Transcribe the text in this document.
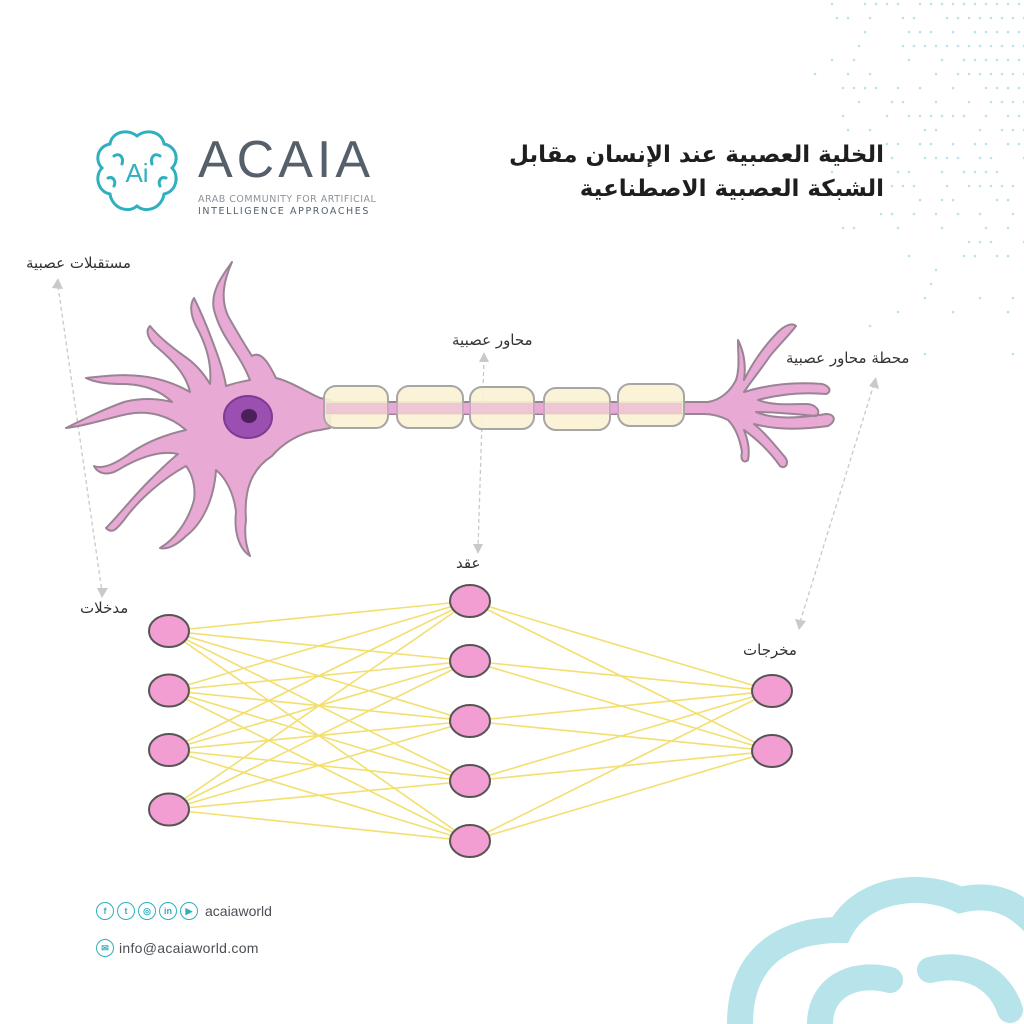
Ai ACAIA
ARAB COMMUNITY FOR ARTIFICIAL
INTELLIGENCE APPROACHES
الخلية العصبية عند الإنسان مقابل
الشبكة العصبية الاصطناعية
مستقبلات عصبية
محاور عصبية
محطة محاور عصبية
مدخلات
عقد
مخرجات
f	t	◎	in	▶ acaiaworld
✉ info@acaiaworld.com
